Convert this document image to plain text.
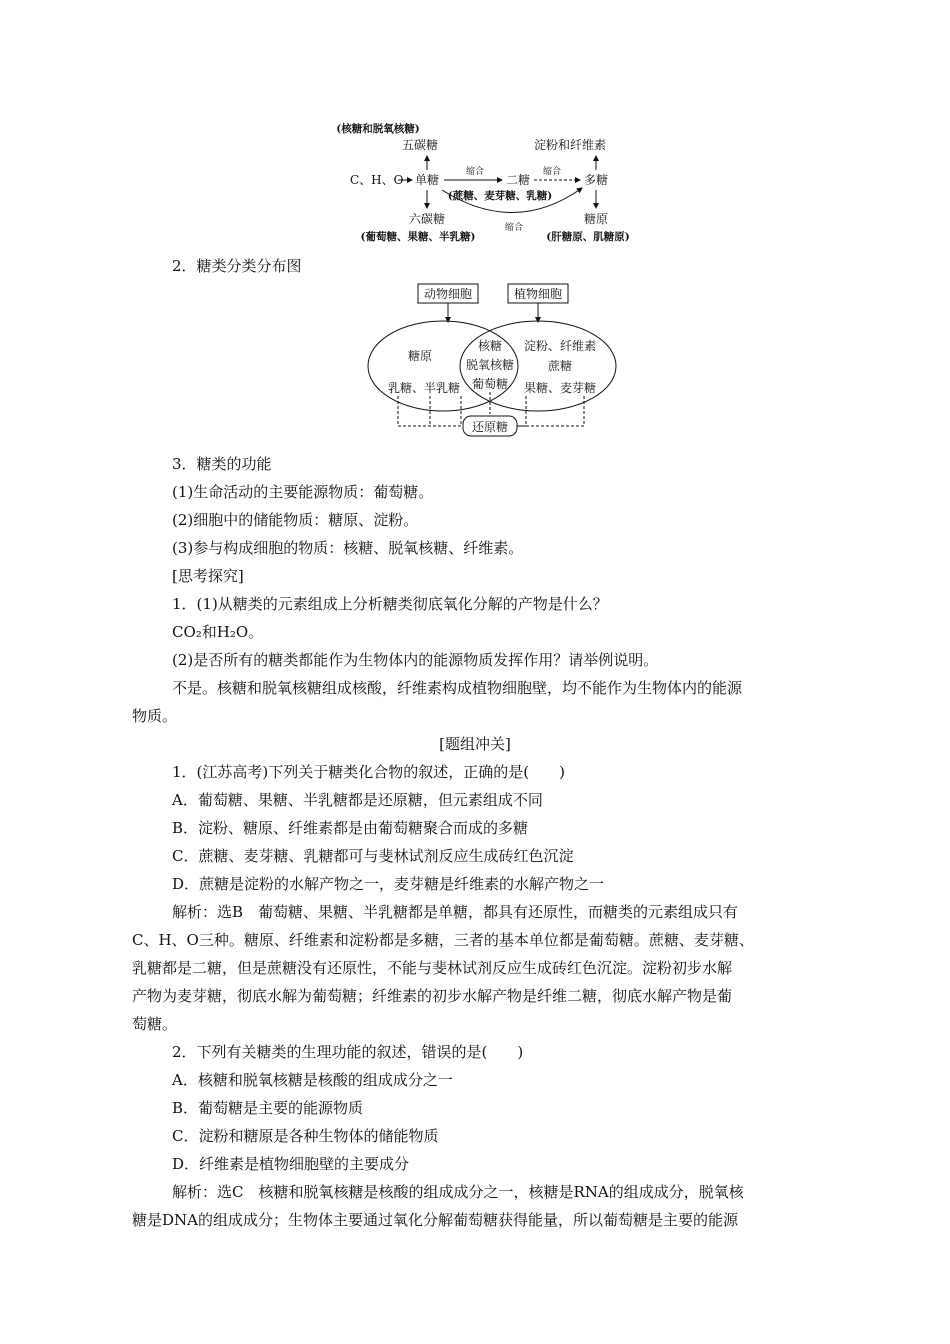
(核糖和脱氧核糖)
五碳糖	淀粉和纤维素
C、H、O 单糖
缩合
二糖
缩合
多糖
(蔗糖、麦芽糖、乳糖)
缩合
六碳糖
(葡萄糖、果糖、半乳糖)
糖原
(肝糖原、肌糖原)

2．糖类分类分布图

动物细胞	植物细胞
糖原
乳糖、半乳糖
核糖
脱氧核糖
葡萄糖
淀粉、纤维素
蔗糖
果糖、麦芽糖
还原糖

3．糖类的功能

(1)生命活动的主要能源物质：葡萄糖。

(2)细胞中的储能物质：糖原、淀粉。

(3)参与构成细胞的物质：核糖、脱氧核糖、纤维素。

[思考探究]

1．(1)从糖类的元素组成上分析糖类彻底氧化分解的产物是什么？

CO₂和H₂O。

(2)是否所有的糖类都能作为生物体内的能源物质发挥作用？请举例说明。

不是。核糖和脱氧核糖组成核酸，纤维素构成植物细胞壁，均不能作为生物体内的能源

物质。

[题组冲关]

1．(江苏高考)下列关于糖类化合物的叙述，正确的是(　　)

A．葡萄糖、果糖、半乳糖都是还原糖，但元素组成不同

B．淀粉、糖原、纤维素都是由葡萄糖聚合而成的多糖

C．蔗糖、麦芽糖、乳糖都可与斐林试剂反应生成砖红色沉淀

D．蔗糖是淀粉的水解产物之一，麦芽糖是纤维素的水解产物之一

解析：选B　葡萄糖、果糖、半乳糖都是单糖，都具有还原性，而糖类的元素组成只有

C、H、O三种。糖原、纤维素和淀粉都是多糖，三者的基本单位都是葡萄糖。蔗糖、麦芽糖、

乳糖都是二糖，但是蔗糖没有还原性，不能与斐林试剂反应生成砖红色沉淀。淀粉初步水解

产物为麦芽糖，彻底水解为葡萄糖；纤维素的初步水解产物是纤维二糖，彻底水解产物是葡

萄糖。

2．下列有关糖类的生理功能的叙述，错误的是(　　)

A．核糖和脱氧核糖是核酸的组成成分之一

B．葡萄糖是主要的能源物质

C．淀粉和糖原是各种生物体的储能物质

D．纤维素是植物细胞壁的主要成分

解析：选C　核糖和脱氧核糖是核酸的组成成分之一，核糖是RNA的组成成分，脱氧核

糖是DNA的组成成分；生物体主要通过氧化分解葡萄糖获得能量，所以葡萄糖是主要的能源
